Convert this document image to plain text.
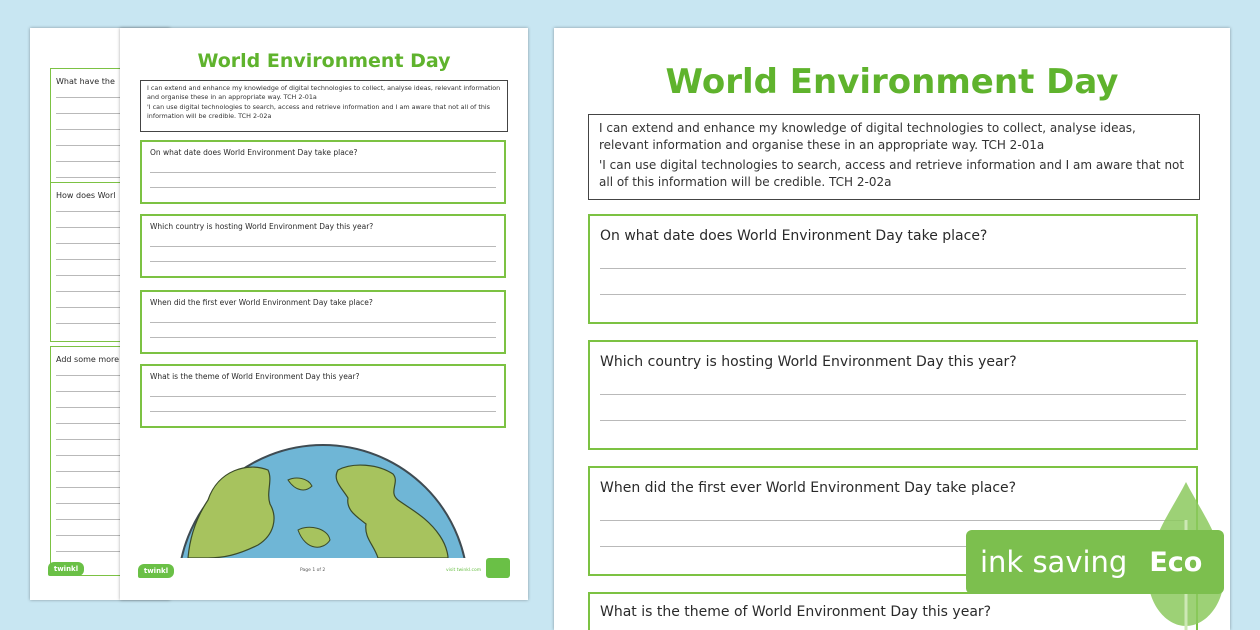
What have the
How does Worl
Add some more
twinkl
World Environment Day
I can extend and enhance my knowledge of digital technologies to collect, analyse ideas, relevant information and organise these in an appropriate way. TCH 2-01a
'I can use digital technologies to search, access and retrieve information and I am aware that not all of this information will be credible. TCH 2-02a
On what date does World Environment Day take place?
Which country is hosting World Environment Day this year?
When did the first ever World Environment Day take place?
What is the theme of World Environment Day this year?
twinkl	Page 1 of 2	visit twinkl.com
World Environment Day
I can extend and enhance my knowledge of digital technologies to collect, analyse ideas, relevant information and organise these in an appropriate way. TCH 2-01a
'I can use digital technologies to search, access and retrieve information and I am aware that not all of this information will be credible. TCH 2-02a
On what date does World Environment Day take place?
Which country is hosting World Environment Day this year?
When did the first ever World Environment Day take place?
What is the theme of World Environment Day this year?
ink saving Eco
